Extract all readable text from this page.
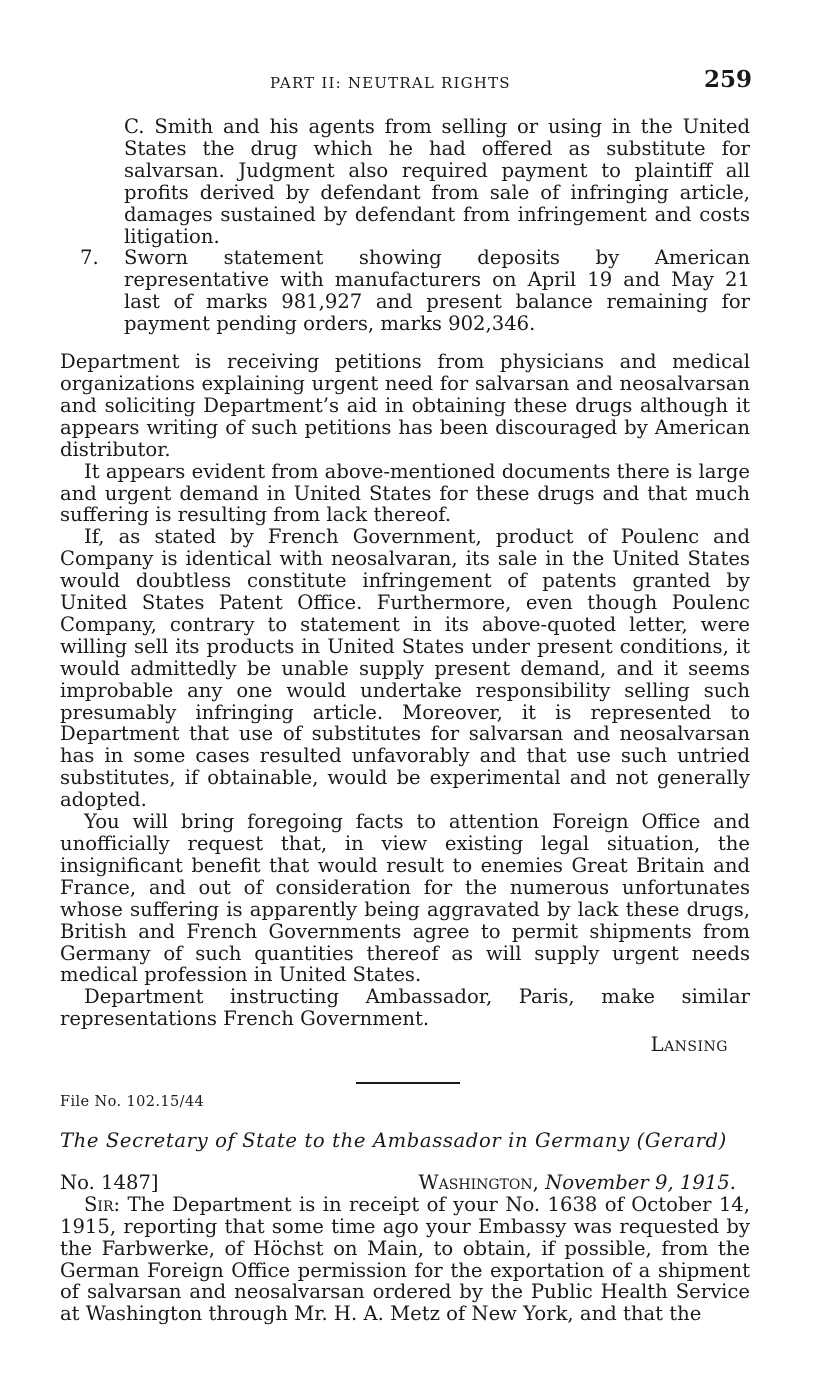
PART II: NEUTRAL RIGHTS	259

C. Smith and his agents from selling or using in the United States the drug which he had offered as substitute for salvarsan. Judgment also required payment to plaintiff all profits derived by defendant from sale of infringing article, damages sustained by defendant from infringement and costs litigation.

7. Sworn statement showing deposits by American representative with manufacturers on April 19 and May 21 last of marks 981,927 and present balance remaining for payment pending orders, marks 902,346.

Department is receiving petitions from physicians and medical organizations explaining urgent need for salvarsan and neosalvarsan and soliciting Department’s aid in obtaining these drugs although it appears writing of such petitions has been discouraged by American distributor.

It appears evident from above-mentioned documents there is large and urgent demand in United States for these drugs and that much suffering is resulting from lack thereof.

If, as stated by French Government, product of Poulenc and Company is identical with neosalvaran, its sale in the United States would doubtless constitute infringement of patents granted by United States Patent Office. Furthermore, even though Poulenc Company, contrary to statement in its above-quoted letter, were willing sell its products in United States under present conditions, it would admittedly be unable supply present demand, and it seems improbable any one would undertake responsibility selling such presumably infringing article. Moreover, it is represented to Department that use of substitutes for salvarsan and neosalvarsan has in some cases resulted unfavorably and that use such untried substitutes, if obtainable, would be experimental and not generally adopted.

You will bring foregoing facts to attention Foreign Office and unofficially request that, in view existing legal situation, the insignificant benefit that would result to enemies Great Britain and France, and out of consideration for the numerous unfortunates whose suffering is apparently being aggravated by lack these drugs, British and French Governments agree to permit shipments from Germany of such quantities thereof as will supply urgent needs medical profession in United States.

Department instructing Ambassador, Paris, make similar representations French Government.

Lansing

File No. 102.15/44

The Secretary of State to the Ambassador in Germany (Gerard)

No. 1487]	Washington, November 9, 1915.

Sir: The Department is in receipt of your No. 1638 of October 14, 1915, reporting that some time ago your Embassy was requested by the Farbwerke, of Höchst on Main, to obtain, if possible, from the German Foreign Office permission for the exportation of a shipment of salvarsan and neosalvarsan ordered by the Public Health Service at Washington through Mr. H. A. Metz of New York, and that the
